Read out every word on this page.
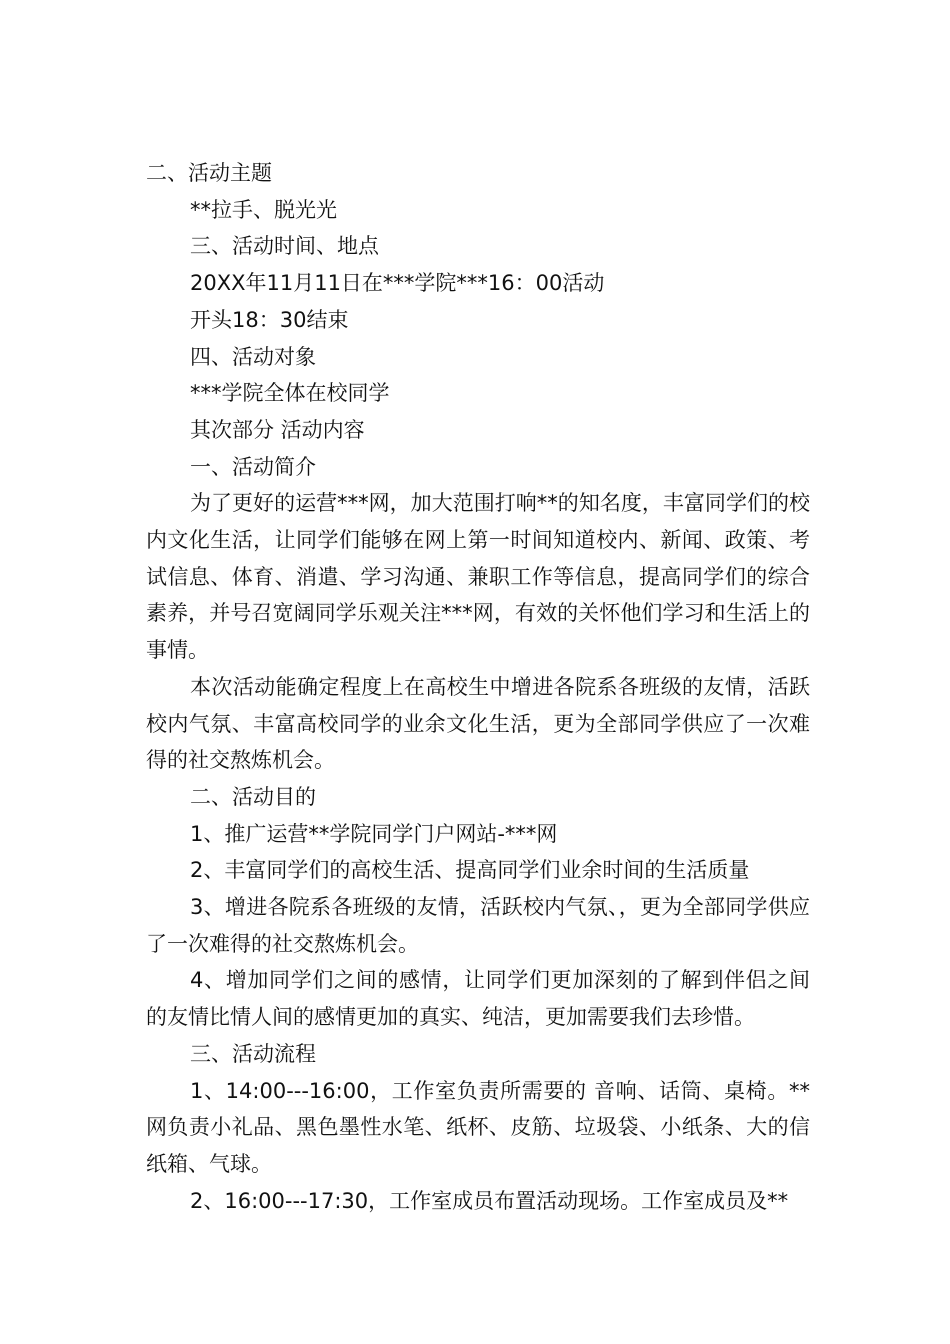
二、活动主题

**拉手、脱光光

三、活动时间、地点

20XX年11月11日在***学院***16：00活动

开头18：30结束

四、活动对象

***学院全体在校同学

其次部分 活动内容

一、活动简介

为了更好的运营***网，加大范围打响**的知名度，丰富同学们的校内文化生活，让同学们能够在网上第一时间知道校内、新闻、政策、考试信息、体育、消遣、学习沟通、兼职工作等信息，提高同学们的综合素养，并号召宽阔同学乐观关注***网，有效的关怀他们学习和生活上的事情。

本次活动能确定程度上在高校生中增进各院系各班级的友情，活跃校内气氛、丰富高校同学的业余文化生活，更为全部同学供应了一次难得的社交熬炼机会。

二、活动目的

1、推广运营**学院同学门户网站-***网

2、丰富同学们的高校生活、提高同学们业余时间的生活质量

3、增进各院系各班级的友情，活跃校内气氛、，更为全部同学供应了一次难得的社交熬炼机会。

4、增加同学们之间的感情，让同学们更加深刻的了解到伴侣之间的友情比情人间的感情更加的真实、纯洁，更加需要我们去珍惜。

三、活动流程

1、14:00---16:00，工作室负责所需要的 音响、话筒、桌椅。**网负责小礼品、黑色墨性水笔、纸杯、皮筋、垃圾袋、小纸条、大的信纸箱、气球。

2、16:00---17:30，工作室成员布置活动现场。工作室成员及**
